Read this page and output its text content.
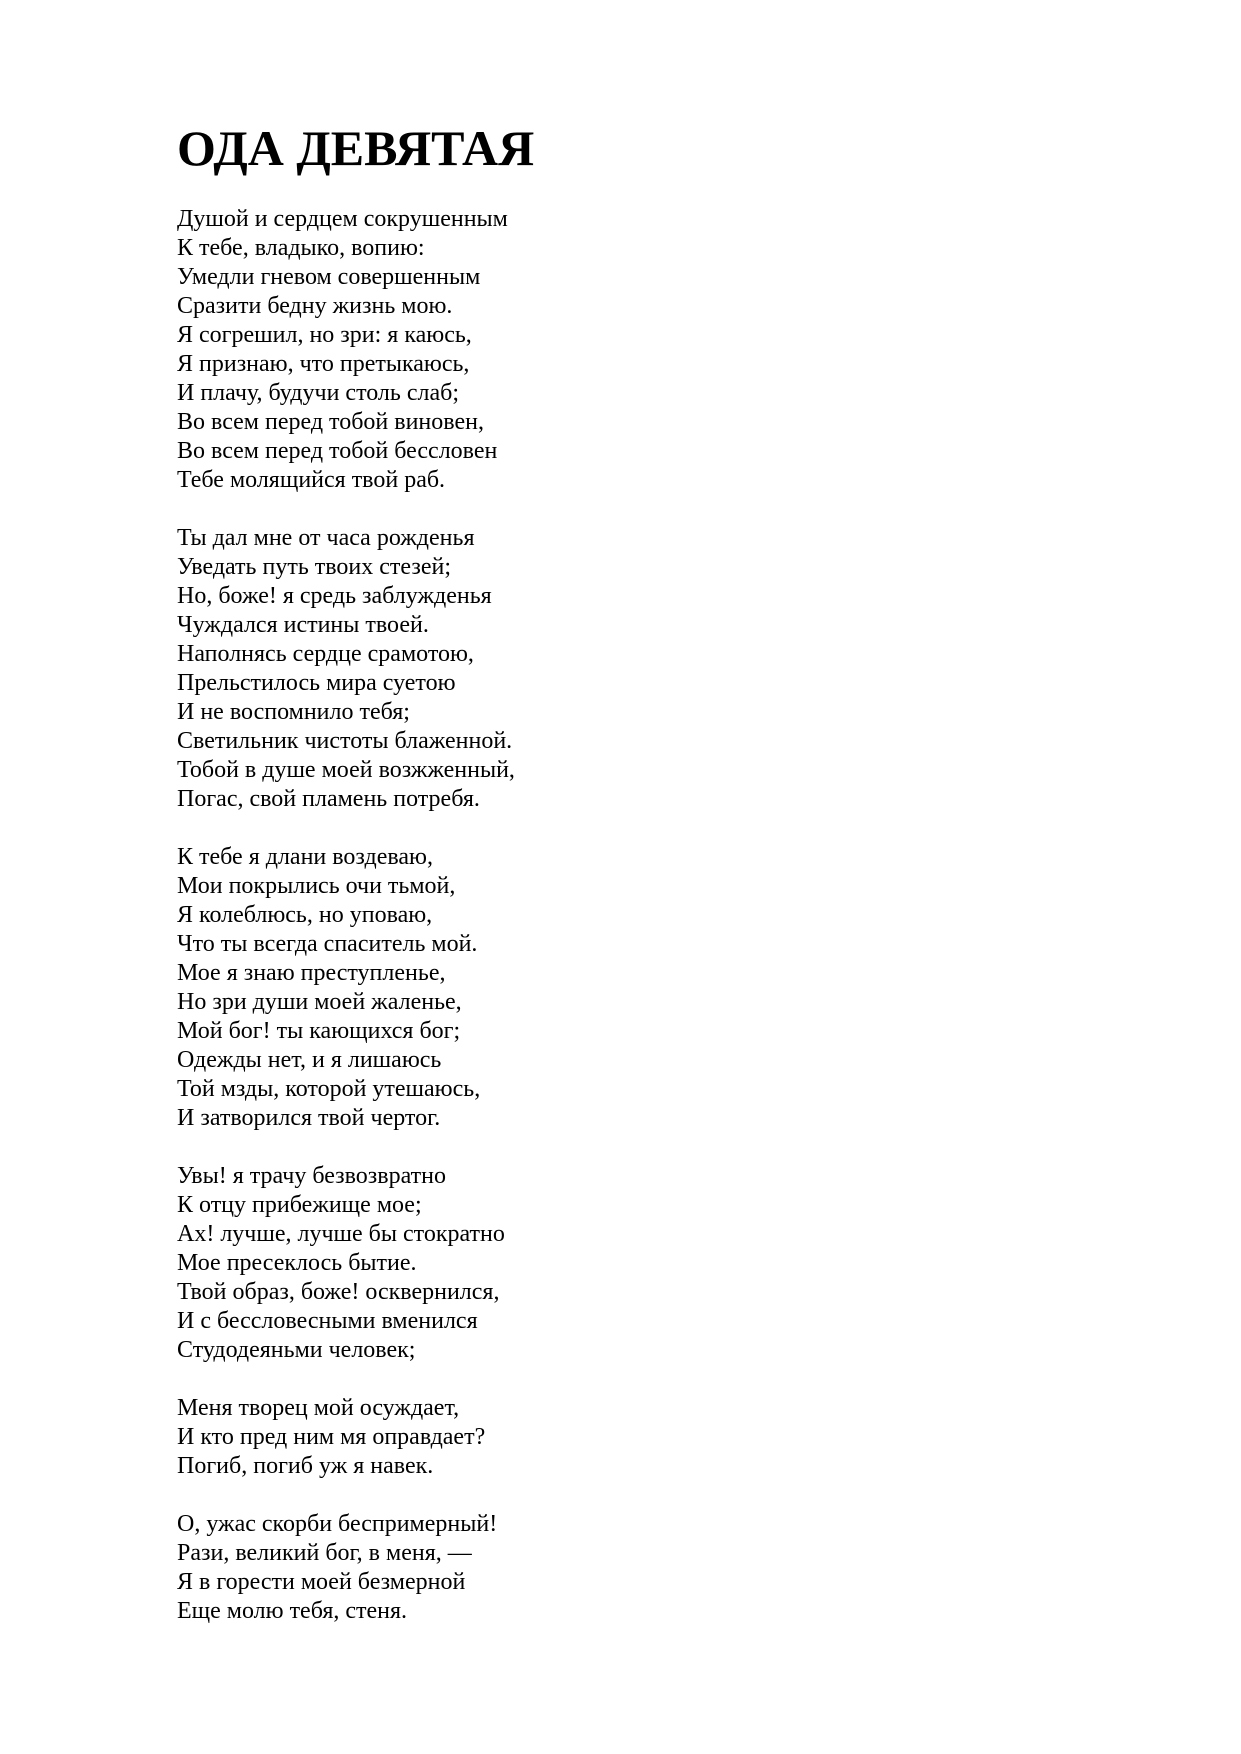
ОДА ДЕВЯТАЯ
Душой и сердцем сокрушенным
К тебе, владыко, вопию:
Умедли гневом совершенным
Сразити бедну жизнь мою.
Я согрешил, но зри: я каюсь,
Я признаю, что претыкаюсь,
И плачу, будучи столь слаб;
Во всем перед тобой виновен,
Во всем перед тобой бессловен
Тебе молящийся твой раб.
Ты дал мне от часа рожденья
Уведать путь твоих стезей;
Но, боже! я средь заблужденья
Чуждался истины твоей.
Наполнясь сердце срамотою,
Прельстилось мира суетою
И не воспомнило тебя;
Светильник чистоты блаженной.
Тобой в душе моей возжженный,
Погас, свой пламень потребя.
К тебе я длани воздеваю,
Мои покрылись очи тьмой,
Я колеблюсь, но уповаю,
Что ты всегда спаситель мой.
Мое я знаю преступленье,
Но зри души моей жаленье,
Мой бог! ты кающихся бог;
Одежды нет, и я лишаюсь
Той мзды, которой утешаюсь,
И затворился твой чертог.
Увы! я трачу безвозвратно
К отцу прибежище мое;
Ах! лучше, лучше бы стократно
Мое пресеклось бытие.
Твой образ, боже! осквернился,
И с бессловесными вменился
Студодеяньми человек;
Меня творец мой осуждает,
И кто пред ним мя оправдает?
Погиб, погиб уж я навек.
О, ужас скорби беспримерный!
Рази, великий бог, в меня, —
Я в горести моей безмерной
Еще молю тебя, стеня.
